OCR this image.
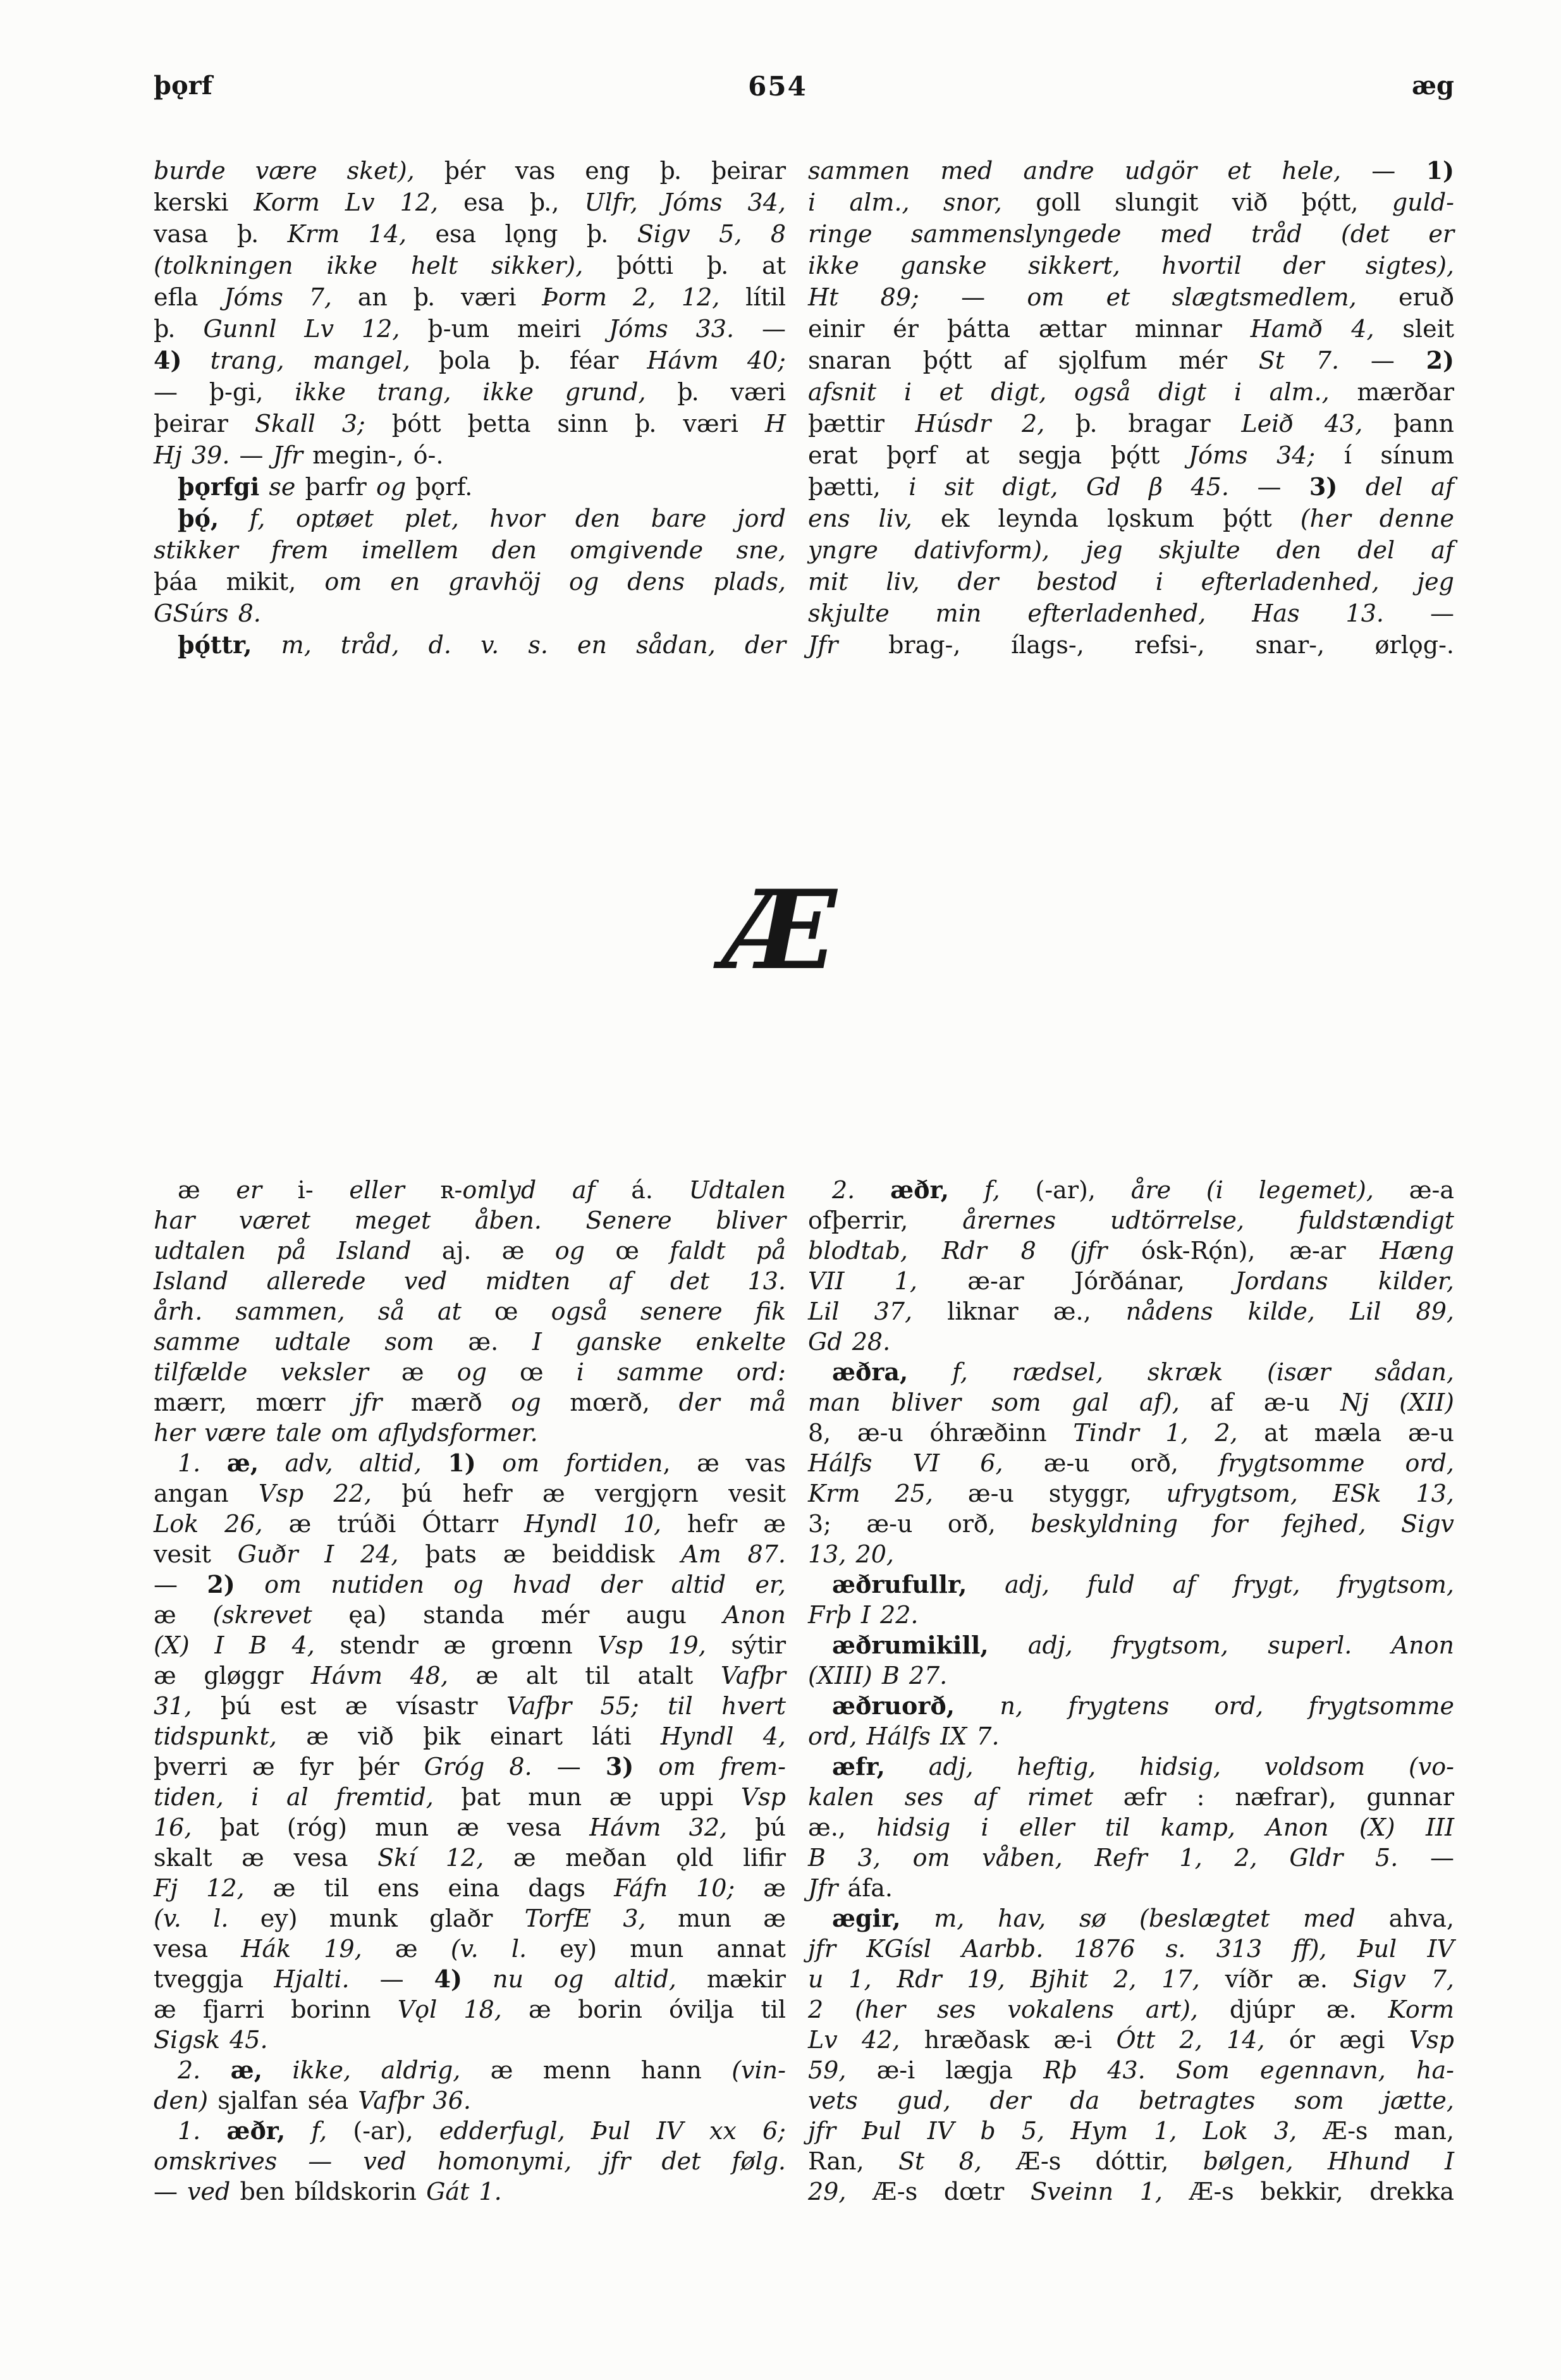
þǫrf	654	æg
burde være sket), þér vas eng þ. þeirar
kerski Korm Lv 12, esa þ., Ulfr, Jóms 34,
vasa þ. Krm 14, esa lǫng þ. Sigv 5, 8
(tolkningen ikke helt sikker), þótti þ. at
efla Jóms 7, an þ. væri Þorm 2, 12, lítil
þ. Gunnl Lv 12, þ-um meiri Jóms 33. —
4) trang, mangel, þola þ. féar Hávm 40;
— þ-gi, ikke trang, ikke grund, þ. væri
þeirar Skall 3; þótt þetta sinn þ. væri H
Hj 39. — Jfr megin-, ó-.
 þǫrfgi se þarfr og þǫrf.
 þǫ́, f, optøet plet, hvor den bare jord
stikker frem imellem den omgivende sne,
þáa mikit, om en gravhöj og dens plads,
GSúrs 8.
 þǫ́ttr, m, tråd, d. v. s. en sådan, der
sammen med andre udgör et hele, — 1)
i alm., snor, goll slungit við þǫ́tt, guld-
ringe sammenslyngede med tråd (det er
ikke ganske sikkert, hvortil der sigtes),
Ht 89; — om et slægtsmedlem, eruð
einir ér þátta ættar minnar Hamð 4, sleit
snaran þǫ́tt af sjǫlfum mér St 7. — 2)
afsnit i et digt, også digt i alm., mærðar
þættir Húsdr 2, þ. bragar Leið 43, þann
erat þǫrf at segja þǫ́tt Jóms 34; í sínum
þætti, i sit digt, Gd β 45. — 3) del af
ens liv, ek leynda lǫskum þǫ́tt (her denne
yngre dativform), jeg skjulte den del af
mit liv, der bestod i efterladenhed, jeg
skjulte min efterladenhed, Has 13. —
Jfr brag-, ílags-, refsi-, snar-, ørlǫg-.
Æ
 æ er i- eller ʀ-omlyd af á. Udtalen
har været meget åben. Senere bliver
udtalen på Island aj. æ og œ faldt på
Island allerede ved midten af det 13.
årh. sammen, så at œ også senere fik
samme udtale som æ. I ganske enkelte
tilfælde veksler æ og œ i samme ord:
mærr, mœrr jfr mærð og mœrð, der må
her være tale om aflydsformer.
 1. æ, adv, altid, 1) om fortiden, æ vas
angan Vsp 22, þú hefr æ vergjǫrn vesit
Lok 26, æ trúði Óttarr Hyndl 10, hefr æ
vesit Guðr I 24, þats æ beiddisk Am 87.
— 2) om nutiden og hvad der altid er,
æ (skrevet ęa) standa mér augu Anon
(X) I B 4, stendr æ grœnn Vsp 19, sýtir
æ gløggr Hávm 48, æ alt til atalt Vafþr
31, þú est æ vísastr Vafþr 55; til hvert
tidspunkt, æ við þik einart láti Hyndl 4,
þverri æ fyr þér Gróg 8. — 3) om frem-
tiden, i al fremtid, þat mun æ uppi Vsp
16, þat (róg) mun æ vesa Hávm 32, þú
skalt æ vesa Skí 12, æ meðan ǫld lifir
Fj 12, æ til ens eina dags Fáfn 10; æ
(v. l. ey) munk glaðr TorfE 3, mun æ
vesa Hák 19, æ (v. l. ey) mun annat
tveggja Hjalti. — 4) nu og altid, mækir
æ fjarri borinn Vǫl 18, æ borin óvilja til
Sigsk 45.
 2. æ, ikke, aldrig, æ menn hann (vin-
den) sjalfan séa Vafþr 36.
 1. æðr, f, (-ar), edderfugl, Þul IV xx 6;
omskrives — ved homonymi, jfr det følg.
— ved ben bíldskorin Gát 1.
 2. æðr, f, (-ar), åre (i legemet), æ-a
ofþerrir, årernes udtörrelse, fuldstændigt
blodtab, Rdr 8 (jfr ósk-Rǫ́n), æ-ar Hæng
VII 1, æ-ar Jórðánar, Jordans kilder,
Lil 37, liknar æ., nådens kilde, Lil 89,
Gd 28.
 æðra, f, rædsel, skræk (især sådan,
man bliver som gal af), af æ-u Nj (XII)
8, æ-u óhræðinn Tindr 1, 2, at mæla æ-u
Hálfs VI 6, æ-u orð, frygtsomme ord,
Krm 25, æ-u styggr, ufrygtsom, ESk 13,
3; æ-u orð, beskyldning for fejhed, Sigv
13, 20,
 æðrufullr, adj, fuld af frygt, frygtsom,
Frþ I 22.
 æðrumikill, adj, frygtsom, superl. Anon
(XIII) B 27.
 æðruorð, n, frygtens ord, frygtsomme
ord, Hálfs IX 7.
 æfr, adj, heftig, hidsig, voldsom (vo-
kalen ses af rimet æfr : næfrar), gunnar
æ., hidsig i eller til kamp, Anon (X) III
B 3, om våben, Refr 1, 2, Gldr 5. —
Jfr áfa.
 ægir, m, hav, sø (beslægtet med ahva,
jfr KGísl Aarbb. 1876 s. 313 ff), Þul IV
u 1, Rdr 19, Bjhit 2, 17, víðr æ. Sigv 7,
2 (her ses vokalens art), djúpr æ. Korm
Lv 42, hræðask æ-i Ótt 2, 14, ór ægi Vsp
59, æ-i lægja Rþ 43. Som egennavn, ha-
vets gud, der da betragtes som jætte,
jfr Þul IV b 5, Hym 1, Lok 3, Æ-s man,
Ran, St 8, Æ-s dóttir, bølgen, Hhund I
29, Æ-s dœtr Sveinn 1, Æ-s bekkir, drekka
